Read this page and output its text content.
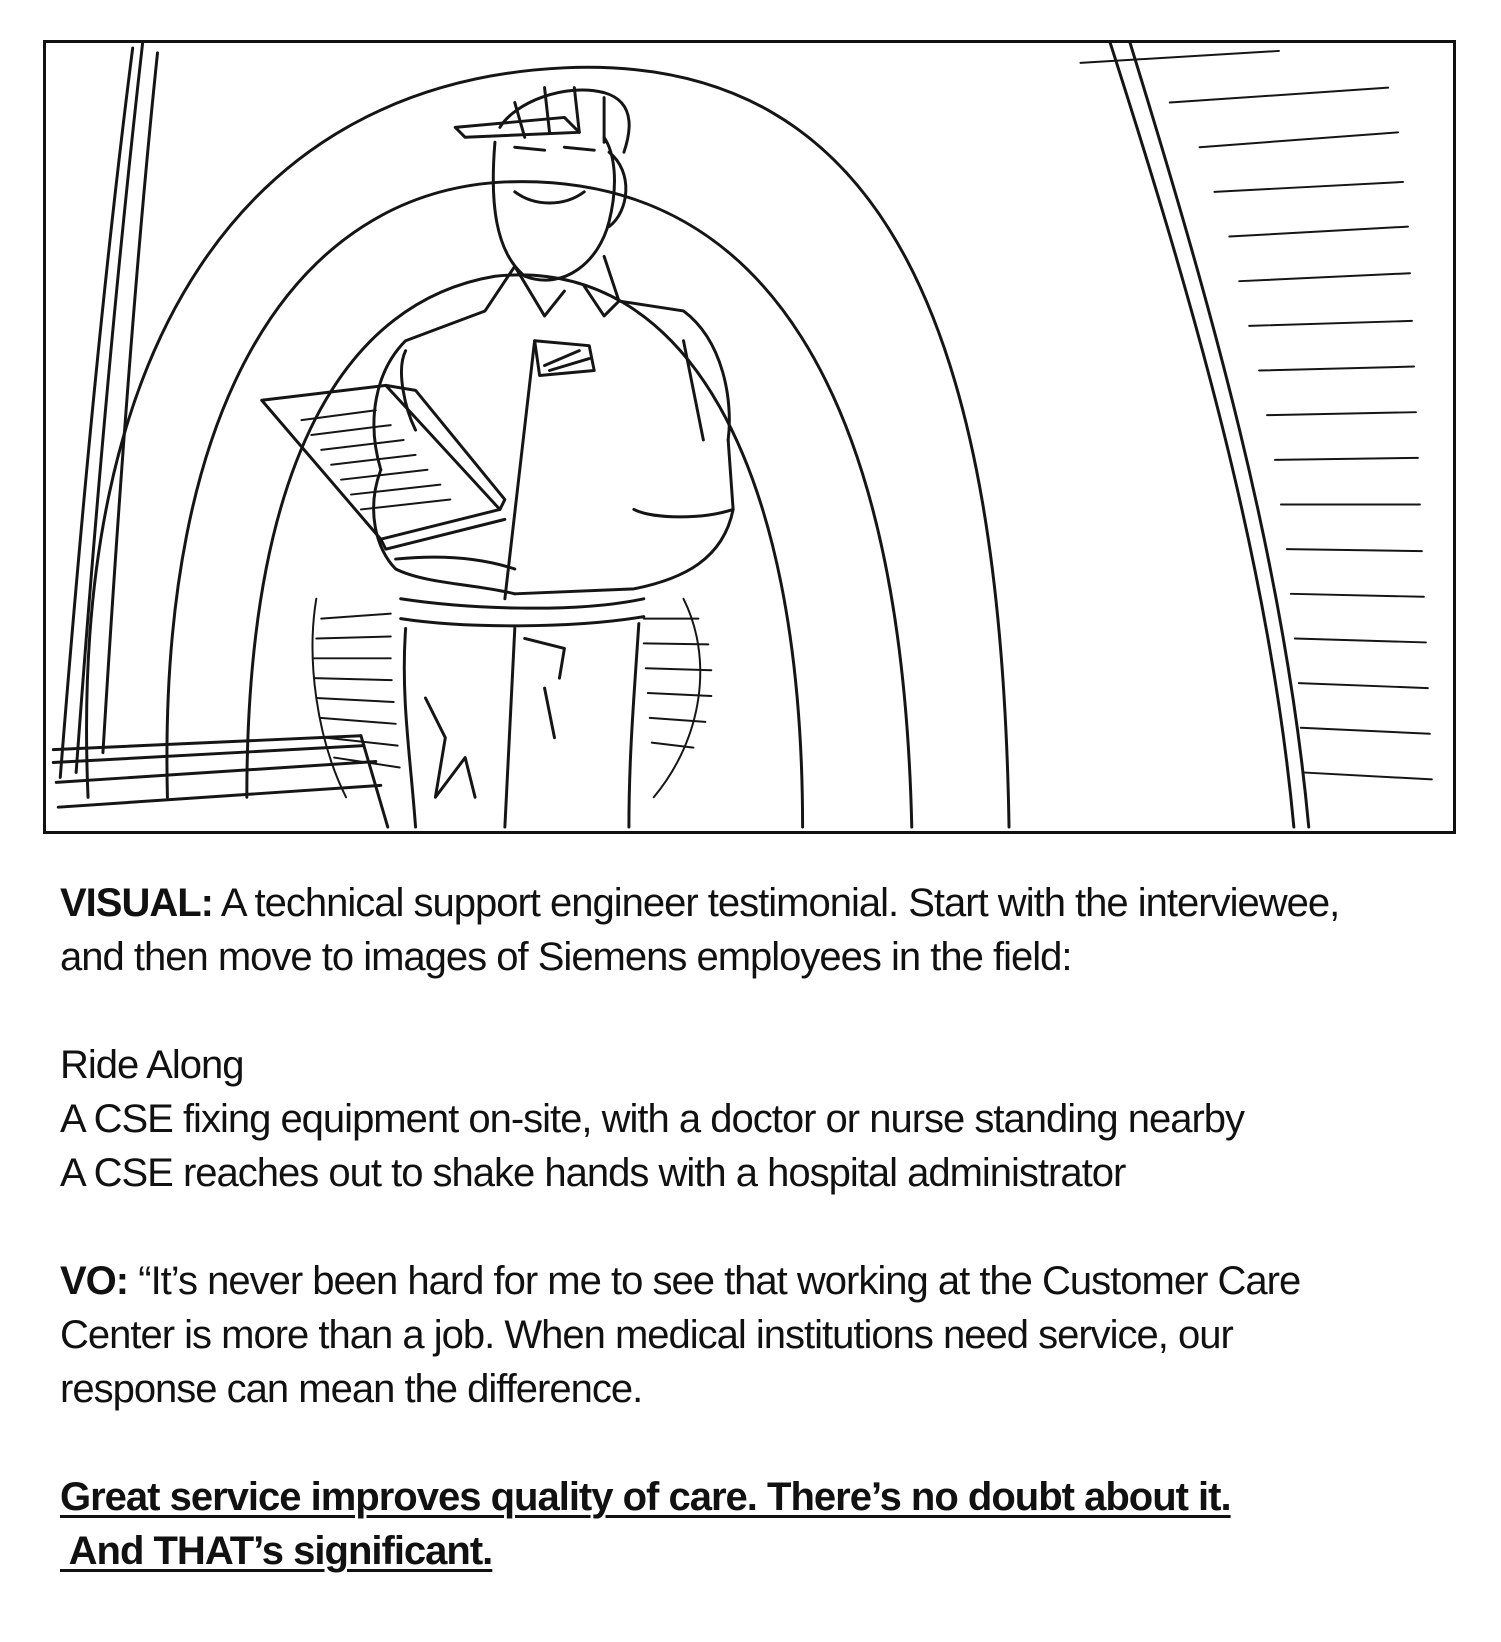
VISUAL: A technical support engineer testimonial. Start with the interviewee,

and then move to images of Siemens employees in the field:

Ride Along

A CSE fixing equipment on-site, with a doctor or nurse standing nearby

A CSE reaches out to shake hands with a hospital administrator

VO: “It’s never been hard for me to see that working at the Customer Care

Center is more than a job. When medical institutions need service, our

response can mean the difference.

Great service improves quality of care. There’s no doubt about it.

And THAT’s significant.
